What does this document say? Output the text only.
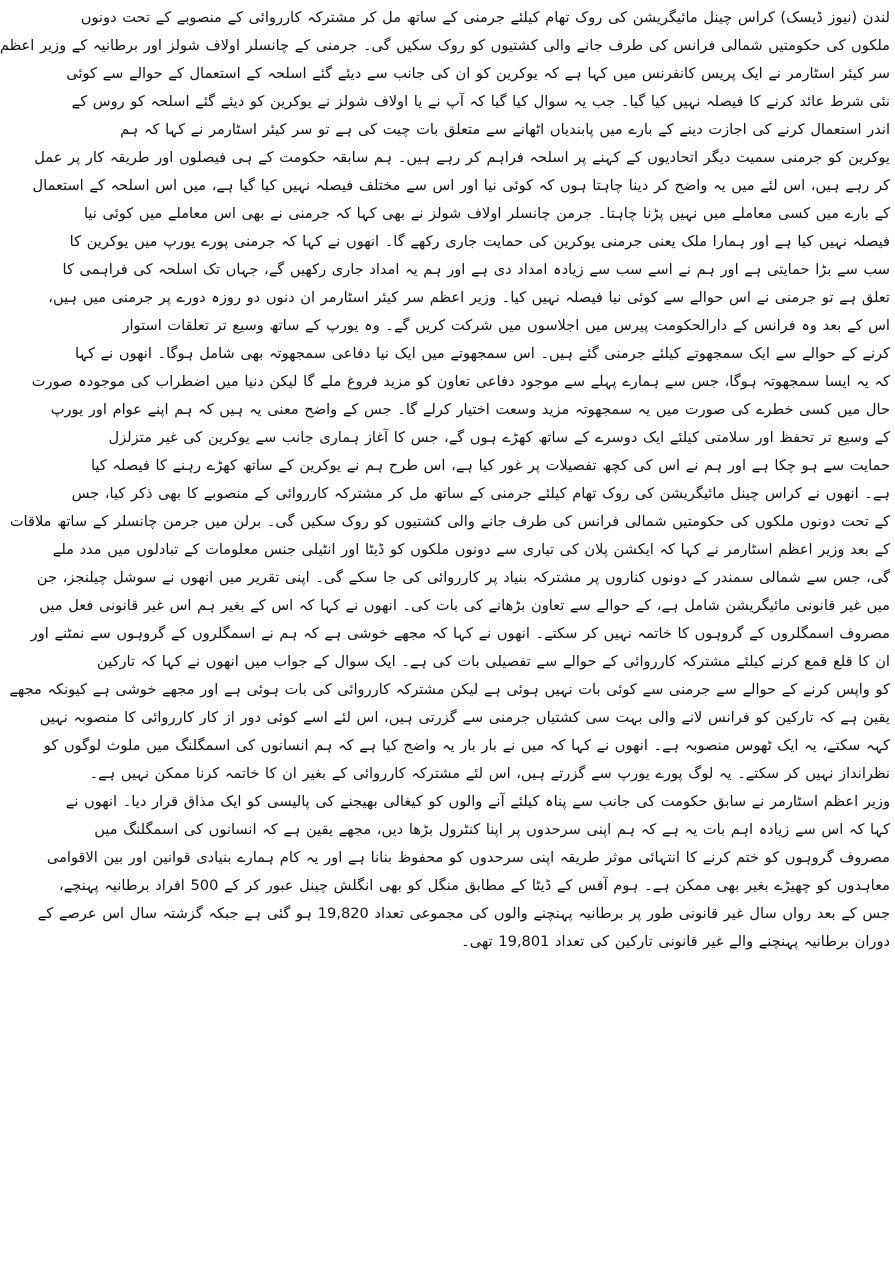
لندن (نیوز ڈیسک) کراس چینل مائیگریشن کی روک تھام کیلئے جرمنی کے ساتھ مل کر مشترکہ کارروائی کے منصوبے کے تحت دونوں
ملکوں کی حکومتیں شمالی فرانس کی طرف جانے والی کشتیوں کو روک سکیں گی۔ جرمنی کے چانسلر اولاف شولز اور برطانیہ کے وزیر اعظم
سر کیئر اسٹارمر نے ایک پریس کانفرنس میں کہا ہے کہ یوکرین کو ان کی جانب سے دیئے گئے اسلحہ کے استعمال کے حوالے سے کوئی
نئی شرط عائد کرنے کا فیصلہ نہیں کیا گیا۔ جب یہ سوال کیا گیا کہ آپ نے یا اولاف شولز نے یوکرین کو دیئے گئے اسلحہ کو روس کے
اندر استعمال کرنے کی اجازت دینے کے بارے میں پابندیاں اٹھانے سے متعلق بات چیت کی ہے تو سر کیئر اسٹارمر نے کہا کہ ہم
یوکرین کو جرمنی سمیت دیگر اتحادیوں کے کہنے پر اسلحہ فراہم کر رہے ہیں۔ ہم سابقہ حکومت کے ہی فیصلوں اور طریقہ کار پر عمل
کر رہے ہیں، اس لئے میں یہ واضح کر دینا چاہتا ہوں کہ کوئی نیا اور اس سے مختلف فیصلہ نہیں کیا گیا ہے، میں اس اسلحہ کے استعمال
کے بارے میں کسی معاملے میں نہیں پڑنا چاہتا۔ جرمن چانسلر اولاف شولز نے بھی کہا کہ جرمنی نے بھی اس معاملے میں کوئی نیا
فیصلہ نہیں کیا ہے اور ہمارا ملک یعنی جرمنی یوکرین کی حمایت جاری رکھے گا۔ انھوں نے کہا کہ جرمنی پورے یورپ میں یوکرین کا
سب سے بڑا حمایتی ہے اور ہم نے اسے سب سے زیادہ امداد دی ہے اور ہم یہ امداد جاری رکھیں گے، جہاں تک اسلحہ کی فراہمی کا
تعلق ہے تو جرمنی نے اس حوالے سے کوئی نیا فیصلہ نہیں کیا۔ وزیر اعظم سر کیئر اسٹارمر ان دنوں دو روزہ دورے پر جرمنی میں ہیں،
اس کے بعد وہ فرانس کے دارالحکومت پیرس میں اجلاسوں میں شرکت کریں گے۔ وہ یورپ کے ساتھ وسیع تر تعلقات استوار
کرنے کے حوالے سے ایک سمجھوتے کیلئے جرمنی گئے ہیں۔ اس سمجھوتے میں ایک نیا دفاعی سمجھوتہ بھی شامل ہوگا۔ انھوں نے کہا
کہ یہ ایسا سمجھوتہ ہوگا، جس سے ہمارے پہلے سے موجود دفاعی تعاون کو مزید فروغ ملے گا لیکن دنیا میں اضطراب کی موجودہ صورت
حال میں کسی خطرے کی صورت میں یہ سمجھوتہ مزید وسعت اختیار کرلے گا۔ جس کے واضح معنی یہ ہیں کہ ہم اپنے عوام اور یورپ
کے وسیع تر تحفظ اور سلامتی کیلئے ایک دوسرے کے ساتھ کھڑے ہوں گے، جس کا آغاز ہماری جانب سے یوکرین کی غیر متزلزل
حمایت سے ہو چکا ہے اور ہم نے اس کی کچھ تفصیلات پر غور کیا ہے، اس طرح ہم نے یوکرین کے ساتھ کھڑے رہنے کا فیصلہ کیا
ہے۔ انھوں نے کراس چینل مائیگریشن کی روک تھام کیلئے جرمنی کے ساتھ مل کر مشترکہ کارروائی کے منصوبے کا بھی ذکر کیا، جس
کے تحت دونوں ملکوں کی حکومتیں شمالی فرانس کی طرف جانے والی کشتیوں کو روک سکیں گی۔ برلن میں جرمن چانسلر کے ساتھ ملاقات
کے بعد وزیر اعظم اسٹارمر نے کہا کہ ایکشن پلان کی تیاری سے دونوں ملکوں کو ڈیٹا اور انٹیلی جنس معلومات کے تبادلوں میں مدد ملے
گی، جس سے شمالی سمندر کے دونوں کناروں پر مشترکہ بنیاد پر کارروائی کی جا سکے گی۔ اپنی تقریر میں انھوں نے سوشل چیلنجز، جن
میں غیر قانونی مائیگریشن شامل ہے، کے حوالے سے تعاون بڑھانے کی بات کی۔ انھوں نے کہا کہ اس کے بغیر ہم اس غیر قانونی فعل میں
مصروف اسمگلروں کے گروہوں کا خاتمہ نہیں کر سکتے۔ انھوں نے کہا کہ مجھے خوشی ہے کہ ہم نے اسمگلروں کے گروہوں سے نمٹنے اور
ان کا قلع قمع کرنے کیلئے مشترکہ کارروائی کے حوالے سے تفصیلی بات کی ہے۔ ایک سوال کے جواب میں انھوں نے کہا کہ تارکین
کو واپس کرنے کے حوالے سے جرمنی سے کوئی بات نہیں ہوئی ہے لیکن مشترکہ کارروائی کی بات ہوئی ہے اور مجھے خوشی ہے کیونکہ مجھے
یقین ہے کہ تارکین کو فرانس لانے والی بہت سی کشتیاں جرمنی سے گزرتی ہیں، اس لئے اسے کوئی دور از کار کارروائی کا منصوبہ نہیں
کہہ سکتے، یہ ایک ٹھوس منصوبہ ہے۔ انھوں نے کہا کہ میں نے بار بار یہ واضح کیا ہے کہ ہم انسانوں کی اسمگلنگ میں ملوث لوگوں کو
نظرانداز نہیں کر سکتے۔ یہ لوگ پورے یورپ سے گزرتے ہیں، اس لئے مشترکہ کارروائی کے بغیر ان کا خاتمہ کرنا ممکن نہیں ہے۔
وزیر اعظم اسٹارمر نے سابق حکومت کی جانب سے پناہ کیلئے آنے والوں کو کیغالی بھیجنے کی پالیسی کو ایک مذاق قرار دیا۔ انھوں نے
کہا کہ اس سے زیادہ اہم بات یہ ہے کہ ہم اپنی سرحدوں پر اپنا کنٹرول بڑھا دیں، مجھے یقین ہے کہ انسانوں کی اسمگلنگ میں
مصروف گروہوں کو ختم کرنے کا انتہائی موثر طریقہ اپنی سرحدوں کو محفوظ بنانا ہے اور یہ کام ہمارے بنیادی قوانین اور بین الاقوامی
معاہدوں کو چھیڑے بغیر بھی ممکن ہے۔ ہوم آفس کے ڈیٹا کے مطابق منگل کو بھی انگلش چینل عبور کر کے 500 افراد برطانیہ پہنچے،
جس کے بعد رواں سال غیر قانونی طور پر برطانیہ پہنچنے والوں کی مجموعی تعداد 19,820 ہو گئی ہے جبکہ گزشتہ سال اس عرصے کے
دوران برطانیہ پہنچنے والے غیر قانونی تارکین کی تعداد 19,801 تھی۔
